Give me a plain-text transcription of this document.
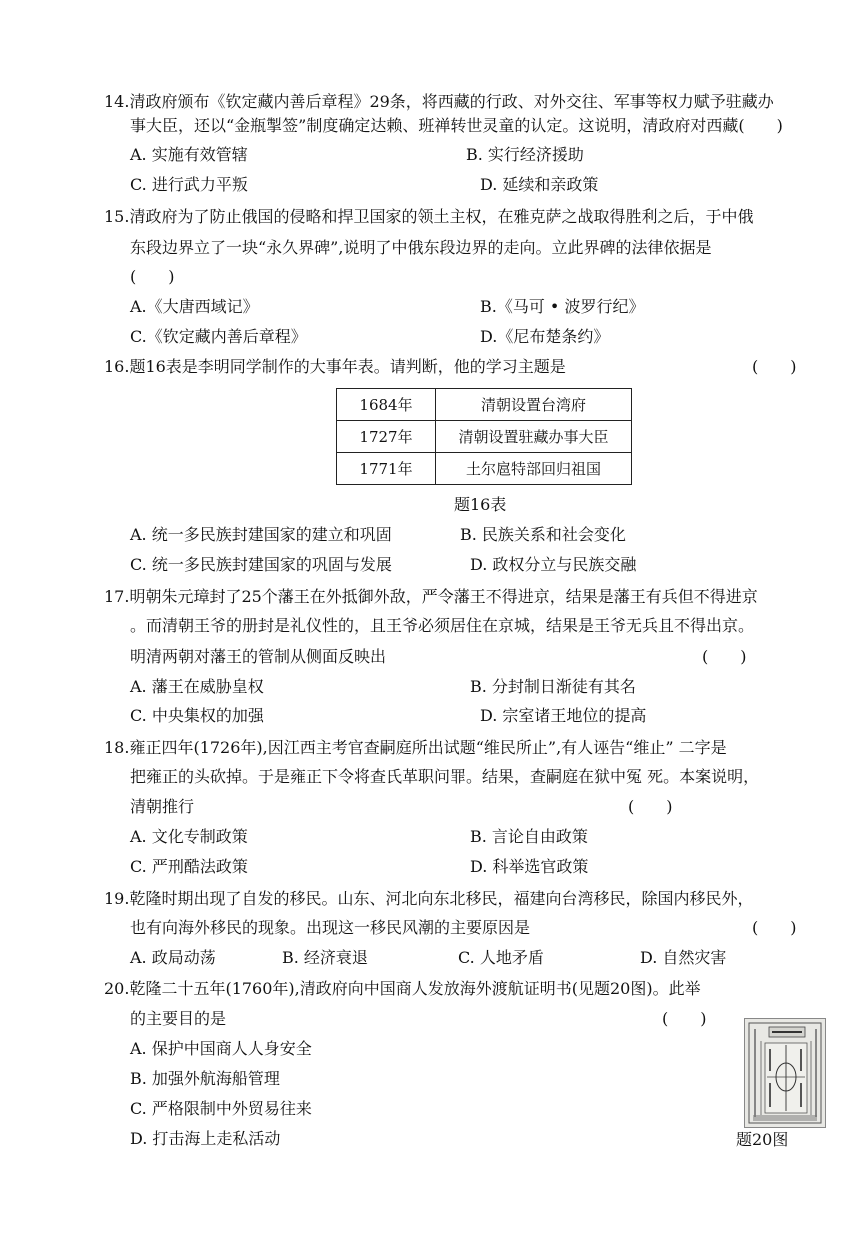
14.清政府颁布《钦定藏内善后章程》29条，将西藏的行政、对外交往、军事等权力赋予驻藏办
事大臣，还以“金瓶掣签”制度确定达赖、班禅转世灵童的认定。这说明，清政府对西藏(　　)
A. 实施有效管辖	B. 实行经济援助
C. 进行武力平叛	D. 延续和亲政策
15.清政府为了防止俄国的侵略和捍卫国家的领土主权，在雅克萨之战取得胜利之后，于中俄
东段边界立了一块“永久界碑”,说明了中俄东段边界的走向。立此界碑的法律依据是
(　　)
A.《大唐西域记》	B.《马可 • 波罗行纪》
C.《钦定藏内善后章程》	D.《尼布楚条约》
16.题16表是李明同学制作的大事年表。请判断，他的学习主题是	(　　)
1684年	清朝设置台湾府
1727年	清朝设置驻藏办事大臣
1771年	土尔扈特部回归祖国
题16表
A. 统一多民族封建国家的建立和巩固	B. 民族关系和社会变化
C. 统一多民族封建国家的巩固与发展	D. 政权分立与民族交融
17.明朝朱元璋封了25个藩王在外抵御外敌，严令藩王不得进京，结果是藩王有兵但不得进京
。而清朝王爷的册封是礼仪性的，且王爷必须居住在京城，结果是王爷无兵且不得出京。
明清两朝对藩王的管制从侧面反映出	(　　)
A. 藩王在威胁皇权	B. 分封制日渐徒有其名
C. 中央集权的加强	D. 宗室诸王地位的提高
18.雍正四年(1726年),因江西主考官查嗣庭所出试题“维民所止”,有人诬告“维止” 二字是
把雍正的头砍掉。于是雍正下令将查氏革职问罪。结果，查嗣庭在狱中冤 死。本案说明，
清朝推行	(　　)
A. 文化专制政策	B. 言论自由政策
C. 严刑酷法政策	D. 科举选官政策
19.乾隆时期出现了自发的移民。山东、河北向东北移民，福建向台湾移民，除国内移民外，
也有向海外移民的现象。出现这一移民风潮的主要原因是	(　　)
A. 政局动荡	B. 经济衰退	C. 人地矛盾	D. 自然灾害
20.乾隆二十五年(1760年),清政府向中国商人发放海外渡航证明书(见题20图)。此举
的主要目的是	(　　)
A. 保护中国商人人身安全
B. 加强外航海船管理
C. 严格限制中外贸易往来
D. 打击海上走私活动	题20图
